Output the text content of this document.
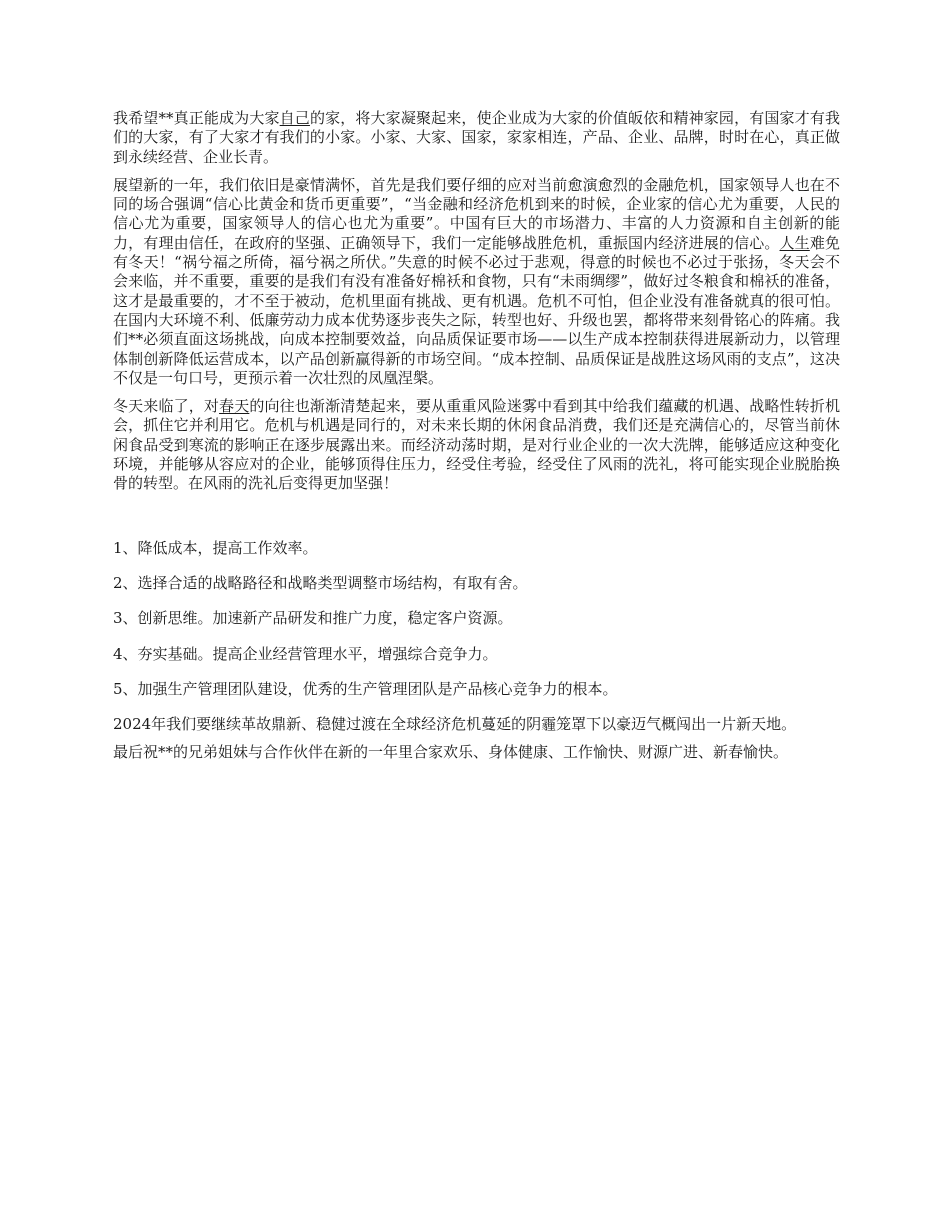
我希望**真正能成为大家自己的家，将大家凝聚起来，使企业成为大家的价值皈依和精神家园，有国家才有我们的大家，有了大家才有我们的小家。小家、大家、国家，家家相连，产品、企业、品牌，时时在心，真正做到永续经营、企业长青。

展望新的一年，我们依旧是豪情满怀，首先是我们要仔细的应对当前愈演愈烈的金融危机，国家领导人也在不同的场合强调“信心比黄金和货币更重要”，“当金融和经济危机到来的时候，企业家的信心尤为重要，人民的信心尤为重要，国家领导人的信心也尤为重要”。中国有巨大的市场潜力、丰富的人力资源和自主创新的能力，有理由信任，在政府的坚强、正确领导下，我们一定能够战胜危机，重振国内经济进展的信心。人生难免有冬天！“祸兮福之所倚，福兮祸之所伏。”失意的时候不必过于悲观，得意的时候也不必过于张扬，冬天会不会来临，并不重要，重要的是我们有没有准备好棉袄和食物，只有“未雨绸缪”，做好过冬粮食和棉袄的准备，这才是最重要的，才不至于被动，危机里面有挑战、更有机遇。危机不可怕，但企业没有准备就真的很可怕。在国内大环境不利、低廉劳动力成本优势逐步丧失之际，转型也好、升级也罢，都将带来刻骨铭心的阵痛。我们**必须直面这场挑战，向成本控制要效益，向品质保证要市场——以生产成本控制获得进展新动力，以管理体制创新降低运营成本，以产品创新赢得新的市场空间。“成本控制、品质保证是战胜这场风雨的支点”，这决不仅是一句口号，更预示着一次壮烈的凤凰涅槃。

冬天来临了，对春天的向往也渐渐清楚起来，要从重重风险迷雾中看到其中给我们蕴藏的机遇、战略性转折机会，抓住它并利用它。危机与机遇是同行的，对未来长期的休闲食品消费，我们还是充满信心的，尽管当前休闲食品受到寒流的影响正在逐步展露出来。而经济动荡时期，是对行业企业的一次大洗牌，能够适应这种变化环境，并能够从容应对的企业，能够顶得住压力，经受住考验，经受住了风雨的洗礼，将可能实现企业脱胎换骨的转型。在风雨的洗礼后变得更加坚强！

1、降低成本，提高工作效率。

2、选择合适的战略路径和战略类型调整市场结构，有取有舍。

3、创新思维。加速新产品研发和推广力度，稳定客户资源。

4、夯实基础。提高企业经营管理水平，增强综合竞争力。

5、加强生产管理团队建设，优秀的生产管理团队是产品核心竞争力的根本。

2024年我们要继续革故鼎新、稳健过渡在全球经济危机蔓延的阴霾笼罩下以豪迈气概闯出一片新天地。

最后祝**的兄弟姐妹与合作伙伴在新的一年里合家欢乐、身体健康、工作愉快、财源广进、新春愉快。
